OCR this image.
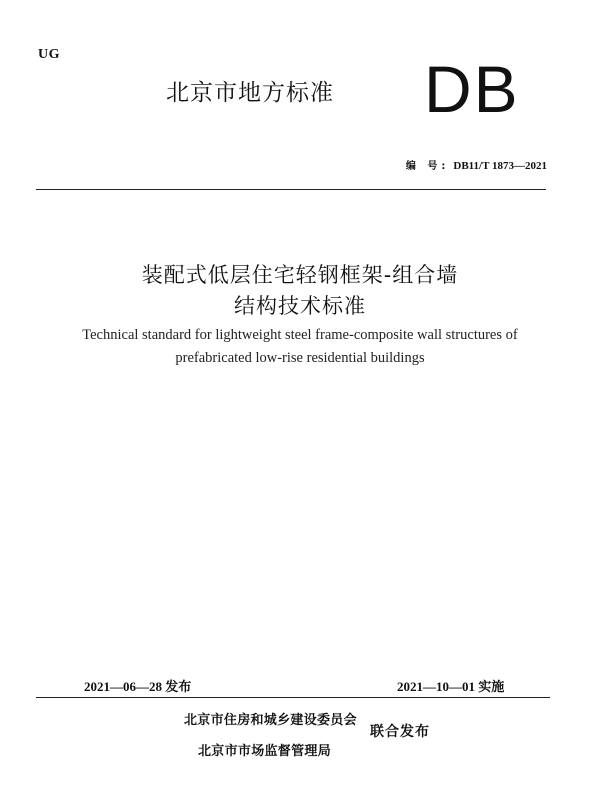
UG
北京市地方标准 DB
编 号: DB11/T 1873—2021
装配式低层住宅轻钢框架-组合墙
结构技术标准
Technical standard for lightweight steel frame-composite wall structures of
prefabricated low-rise residential buildings
2021—06—28 发布	2021—10—01 实施
北京市住房和城乡建设委员会
北京市市场监督管理局
联合发布
